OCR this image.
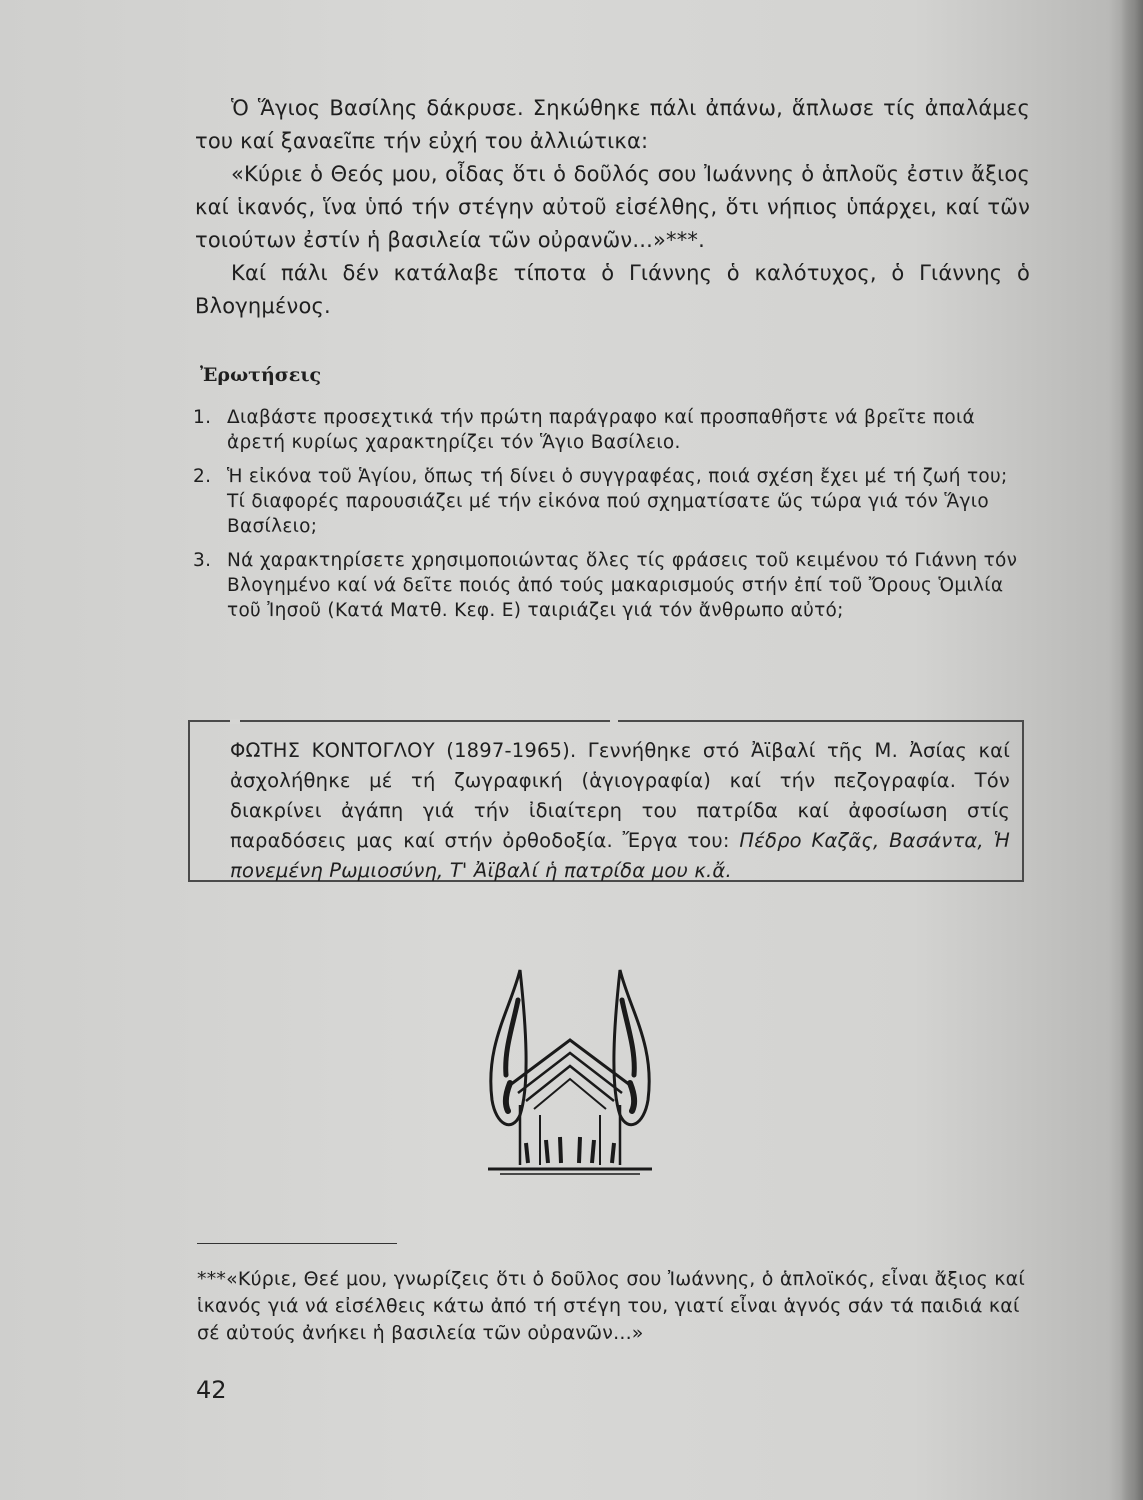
Ὁ Ἅγιος Βασίλης δάκρυσε. Σηκώθηκε πάλι ἀπάνω, ἅπλωσε τίς ἀπαλάμες του καί ξαναεῖπε τήν εὐχή του ἀλλιώτικα:

«Κύριε ὁ Θεός μου, οἶδας ὅτι ὁ δοῦλός σου Ἰωάννης ὁ ἁπλοῦς ἐστιν ἄξιος καί ἱκανός, ἵνα ὑπό τήν στέγην αὐτοῦ εἰσέλθης, ὅτι νήπιος ὑπάρχει, καί τῶν τοιούτων ἐστίν ἡ βασιλεία τῶν οὐρανῶν...»***.

Καί πάλι δέν κατάλαβε τίποτα ὁ Γιάννης ὁ καλότυχος, ὁ Γιάννης ὁ Βλογημένος.

Ἐρωτήσεις
1. Διαβάστε προσεχτικά τήν πρώτη παράγραφο καί προσπαθῆστε νά βρεῖτε ποιά ἀρετή κυρίως χαρακτηρίζει τόν Ἅγιο Βασίλειο.
2. Ἡ εἰκόνα τοῦ Ἁγίου, ὅπως τή δίνει ὁ συγγραφέας, ποιά σχέση ἔχει μέ τή ζωή του; Τί διαφορές παρουσιάζει μέ τήν εἰκόνα πού σχηματίσατε ὥς τώρα γιά τόν Ἅγιο Βασίλειο;
3. Νά χαρακτηρίσετε χρησιμοποιώντας ὅλες τίς φράσεις τοῦ κειμένου τό Γιάννη τόν Βλογημένο καί νά δεῖτε ποιός ἀπό τούς μακαρισμούς στήν ἐπί τοῦ Ὄρους Ὁμιλία τοῦ Ἰησοῦ (Κατά Ματθ. Κεφ. Ε) ταιριάζει γιά τόν ἄνθρωπο αὐτό;
ΦΩΤΗΣ ΚΟΝΤΟΓΛΟΥ (1897-1965). Γεννήθηκε στό Ἀϊβαλί τῆς Μ. Ἀσίας καί ἀσχολήθηκε μέ τή ζωγραφική (ἁγιογραφία) καί τήν πεζογραφία. Τόν διακρίνει ἀγάπη γιά τήν ἰδιαίτερη του πατρίδα καί ἀφοσίωση στίς παραδόσεις μας καί στήν ὀρθοδοξία. Ἔργα του: Πέδρο Καζᾶς, Βασάντα, Ἡ πονεμένη Ρωμιοσύνη, Τ' Ἀϊβαλί ἡ πατρίδα μου κ.ἄ.
***«Κύριε, Θεέ μου, γνωρίζεις ὅτι ὁ δοῦλος σου Ἰωάννης, ὁ ἁπλοϊκός, εἶναι ἄξιος καί ἱκανός γιά νά εἰσέλθεις κάτω ἀπό τή στέγη του, γιατί εἶναι ἁγνός σάν τά παιδιά καί σέ αὐτούς ἀνήκει ἡ βασιλεία τῶν οὐρανῶν...»
42
